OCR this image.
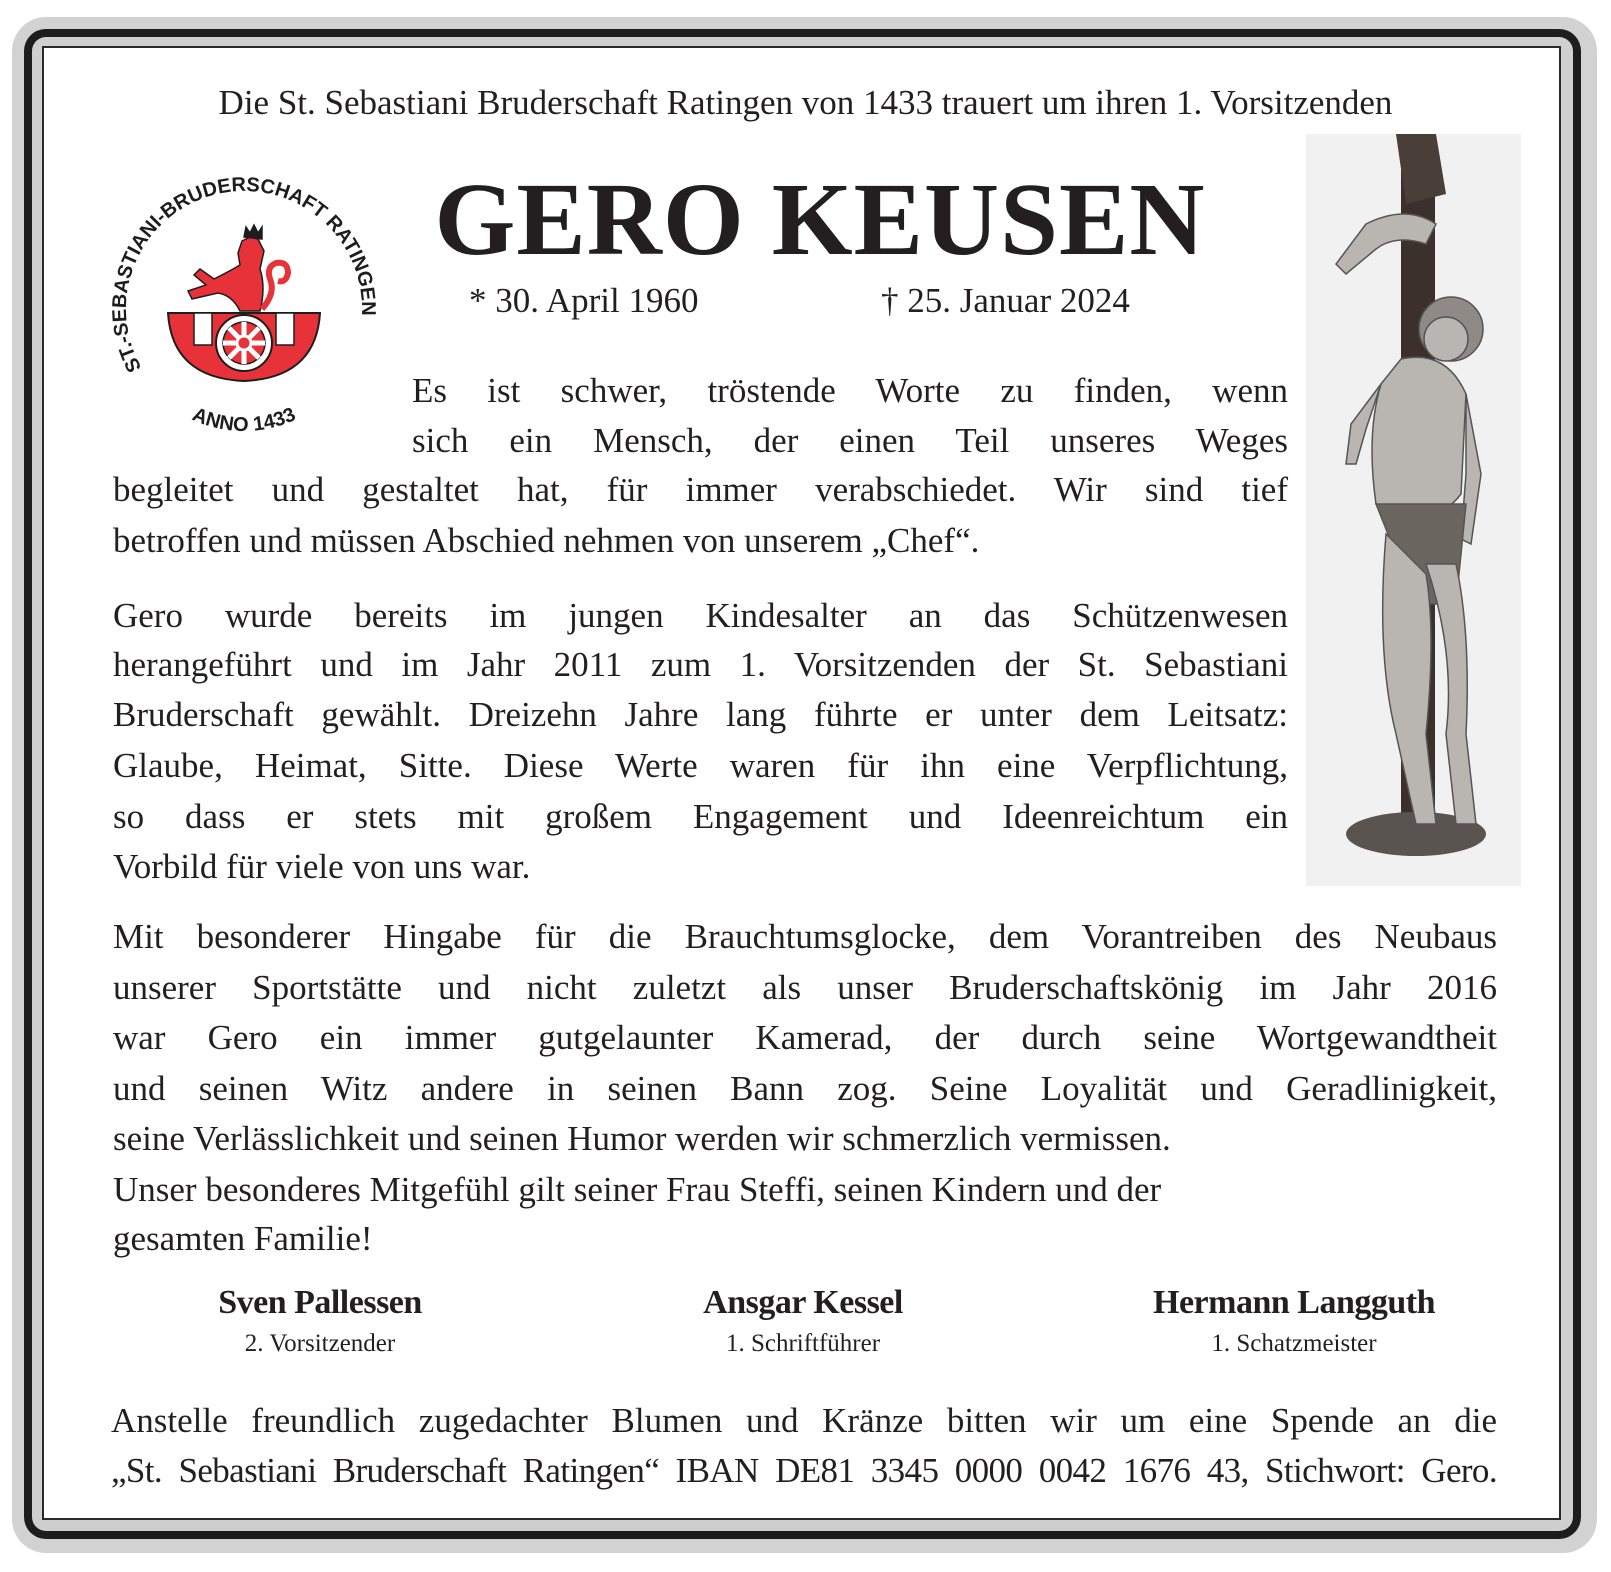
Die St. Sebastiani Bruderschaft Ratingen von 1433 trauert um ihren 1. Vorsitzenden
ST.-SEBASTIANI-BRUDERSCHAFT RATINGEN
ANNO 1433
GERO KEUSEN
* 30. April 1960	† 25. Januar 2024
Es ist schwer, tröstende Worte zu finden, wenn
sich ein Mensch, der einen Teil unseres Weges
begleitet und gestaltet hat, für immer verabschiedet. Wir sind tief
betroffen und müssen Abschied nehmen von unserem „Chef“.
Gero wurde bereits im jungen Kindesalter an das Schützenwesen
herangeführt und im Jahr 2011 zum 1. Vorsitzenden der St. Sebastiani
Bruderschaft gewählt. Dreizehn Jahre lang führte er unter dem Leitsatz:
Glaube, Heimat, Sitte. Diese Werte waren für ihn eine Verpflichtung,
so dass er stets mit großem Engagement und Ideenreichtum ein
Vorbild für viele von uns war.
Mit besonderer Hingabe für die Brauchtumsglocke, dem Vorantreiben des Neubaus
unserer Sportstätte und nicht zuletzt als unser Bruderschaftskönig im Jahr 2016
war Gero ein immer gutgelaunter Kamerad, der durch seine Wortgewandtheit
und seinen Witz andere in seinen Bann zog. Seine Loyalität und Geradlinigkeit,
seine Verlässlichkeit und seinen Humor werden wir schmerzlich vermissen.
Unser besonderes Mitgefühl gilt seiner Frau Steffi, seinen Kindern und der
gesamten Familie!
Sven Pallessen
2. Vorsitzender
Ansgar Kessel
1. Schriftführer
Hermann Langguth
1. Schatzmeister
Anstelle freundlich zugedachter Blumen und Kränze bitten wir um eine Spende an die
„St. Sebastiani Bruderschaft Ratingen“ IBAN DE81 3345 0000 0042 1676 43, Stichwort: Gero.
